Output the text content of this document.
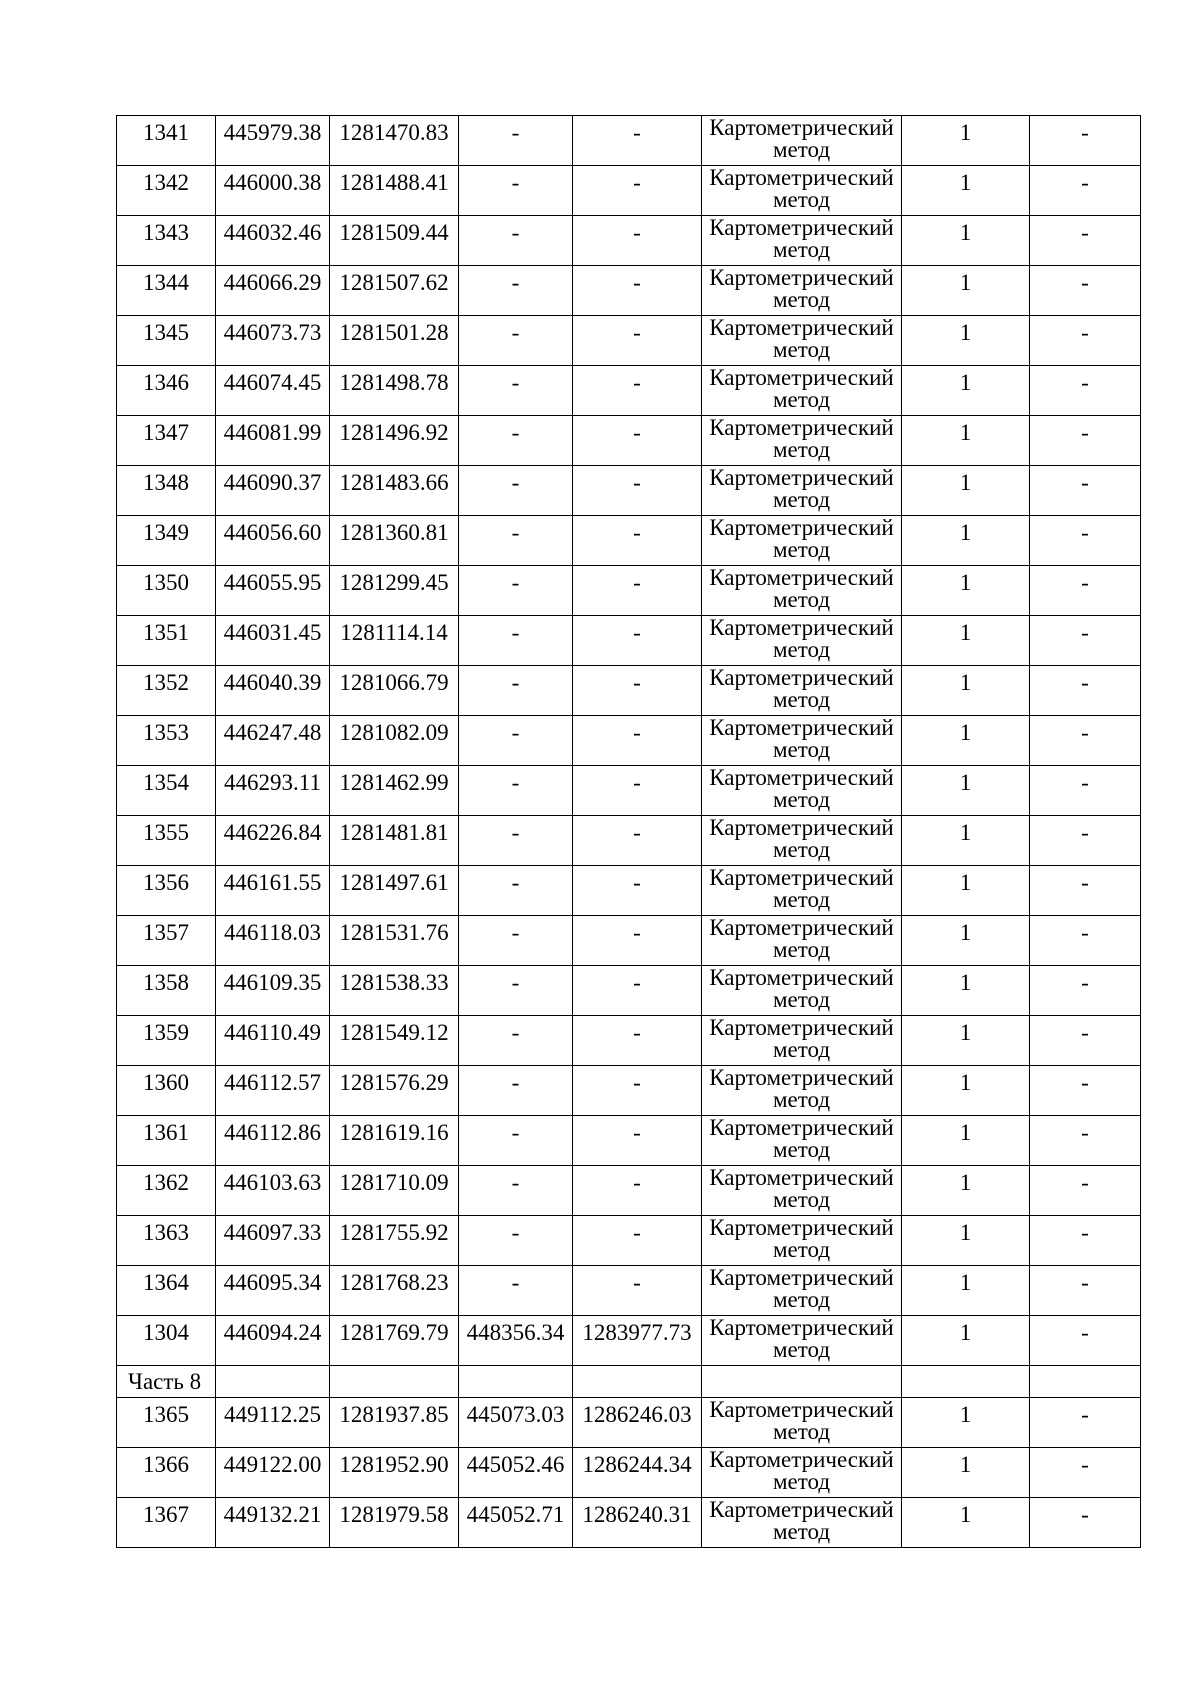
1341	445979.38	1281470.83	-	-	Картометрический
метод	1	-

1342	446000.38	1281488.41	-	-	Картометрический
метод	1	-

1343	446032.46	1281509.44	-	-	Картометрический
метод	1	-

1344	446066.29	1281507.62	-	-	Картометрический
метод	1	-

1345	446073.73	1281501.28	-	-	Картометрический
метод	1	-

1346	446074.45	1281498.78	-	-	Картометрический
метод	1	-

1347	446081.99	1281496.92	-	-	Картометрический
метод	1	-

1348	446090.37	1281483.66	-	-	Картометрический
метод	1	-

1349	446056.60	1281360.81	-	-	Картометрический
метод	1	-

1350	446055.95	1281299.45	-	-	Картометрический
метод	1	-

1351	446031.45	1281114.14	-	-	Картометрический
метод	1	-

1352	446040.39	1281066.79	-	-	Картометрический
метод	1	-

1353	446247.48	1281082.09	-	-	Картометрический
метод	1	-

1354	446293.11	1281462.99	-	-	Картометрический
метод	1	-

1355	446226.84	1281481.81	-	-	Картометрический
метод	1	-

1356	446161.55	1281497.61	-	-	Картометрический
метод	1	-

1357	446118.03	1281531.76	-	-	Картометрический
метод	1	-

1358	446109.35	1281538.33	-	-	Картометрический
метод	1	-

1359	446110.49	1281549.12	-	-	Картометрический
метод	1	-

1360	446112.57	1281576.29	-	-	Картометрический
метод	1	-

1361	446112.86	1281619.16	-	-	Картометрический
метод	1	-

1362	446103.63	1281710.09	-	-	Картометрический
метод	1	-

1363	446097.33	1281755.92	-	-	Картометрический
метод	1	-

1364	446095.34	1281768.23	-	-	Картометрический
метод	1	-

1304	446094.24	1281769.79	448356.34	1283977.73	Картометрический
метод	1	-

Часть 8							

1365	449112.25	1281937.85	445073.03	1286246.03	Картометрический
метод	1	-

1366	449122.00	1281952.90	445052.46	1286244.34	Картометрический
метод	1	-

1367	449132.21	1281979.58	445052.71	1286240.31	Картометрический
метод	1	-
